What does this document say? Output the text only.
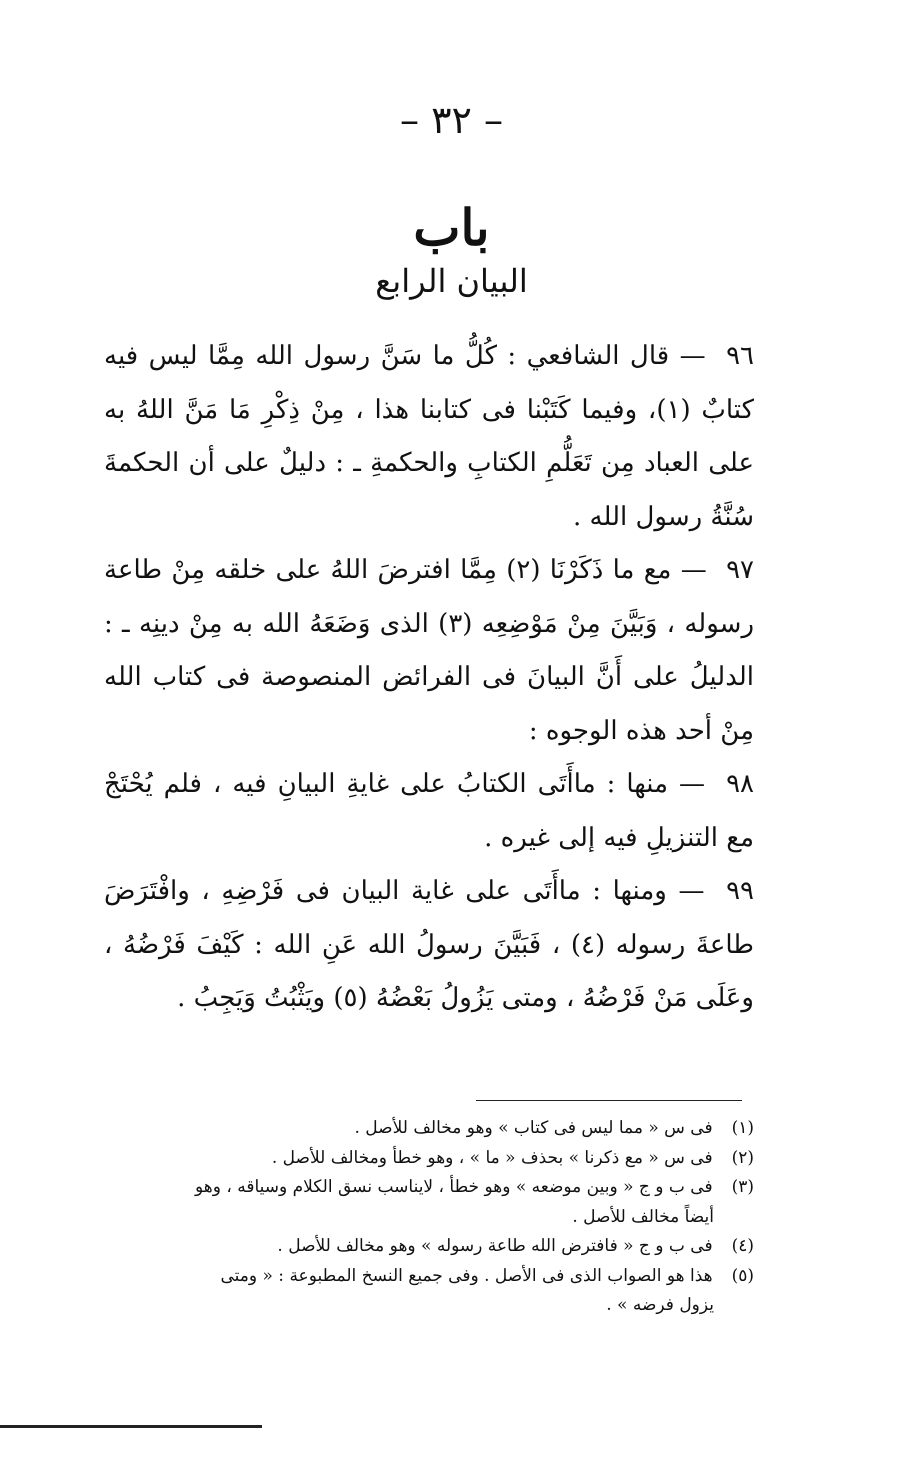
– ٣٢ –
باب
البيان الرابع

٩٦ — قال الشافعي : كُلُّ ما سَنَّ رسول الله مِمَّا ليس فيه كتابٌ (١)، وفيما كَتَبْنا فى كتابنا هذا ، مِنْ ذِكْرِ مَا مَنَّ اللهُ به على العباد مِن تَعَلُّمِ الكتابِ والحكمةِ ـ : دليلٌ على أن الحكمةَ سُنَّةُ رسول الله .

٩٧ — مع ما ذَكَرْنَا (٢) مِمَّا افترضَ اللهُ على خلقه مِنْ طاعة رسوله ، وَبَيَّنَ مِنْ مَوْضِعِه (٣) الذى وَضَعَهُ الله به مِنْ دينِه ـ : الدليلُ على أَنَّ البيانَ فى الفرائض المنصوصة فى كتاب الله مِنْ أحد هذه الوجوه :

٩٨ — منها : ماأَتَى الكتابُ على غايةِ البيانِ فيه ، فلم يُحْتَجْ مع التنزيلِ فيه إلى غيره .

٩٩ — ومنها : ماأَتَى على غاية البيان فى فَرْضِهِ ، وافْتَرَضَ طاعةَ رسوله (٤) ، فَبَيَّنَ رسولُ الله عَنِ الله : كَيْفَ فَرْضُهُ ، وعَلَى مَنْ فَرْضُهُ ، ومتى يَزُولُ بَعْضُهُ (٥) ويَثْبُتُ وَيَجِبُ .

(١) فى س « مما ليس فى كتاب » وهو مخالف للأصل .

(٢) فى س « مع ذكرنا » بحذف « ما » ، وهو خطأ ومخالف للأصل .

(٣) فى ب و ج « وبين موضعه » وهو خطأ ، لايناسب نسق الكلام وسياقه ، وهو
أيضاً مخالف للأصل .

(٤) فى ب و ج « فافترض الله طاعة رسوله » وهو مخالف للأصل .

(٥) هذا هو الصواب الذى فى الأصل . وفى جميع النسخ المطبوعة : « ومتى
يزول فرضه » .
